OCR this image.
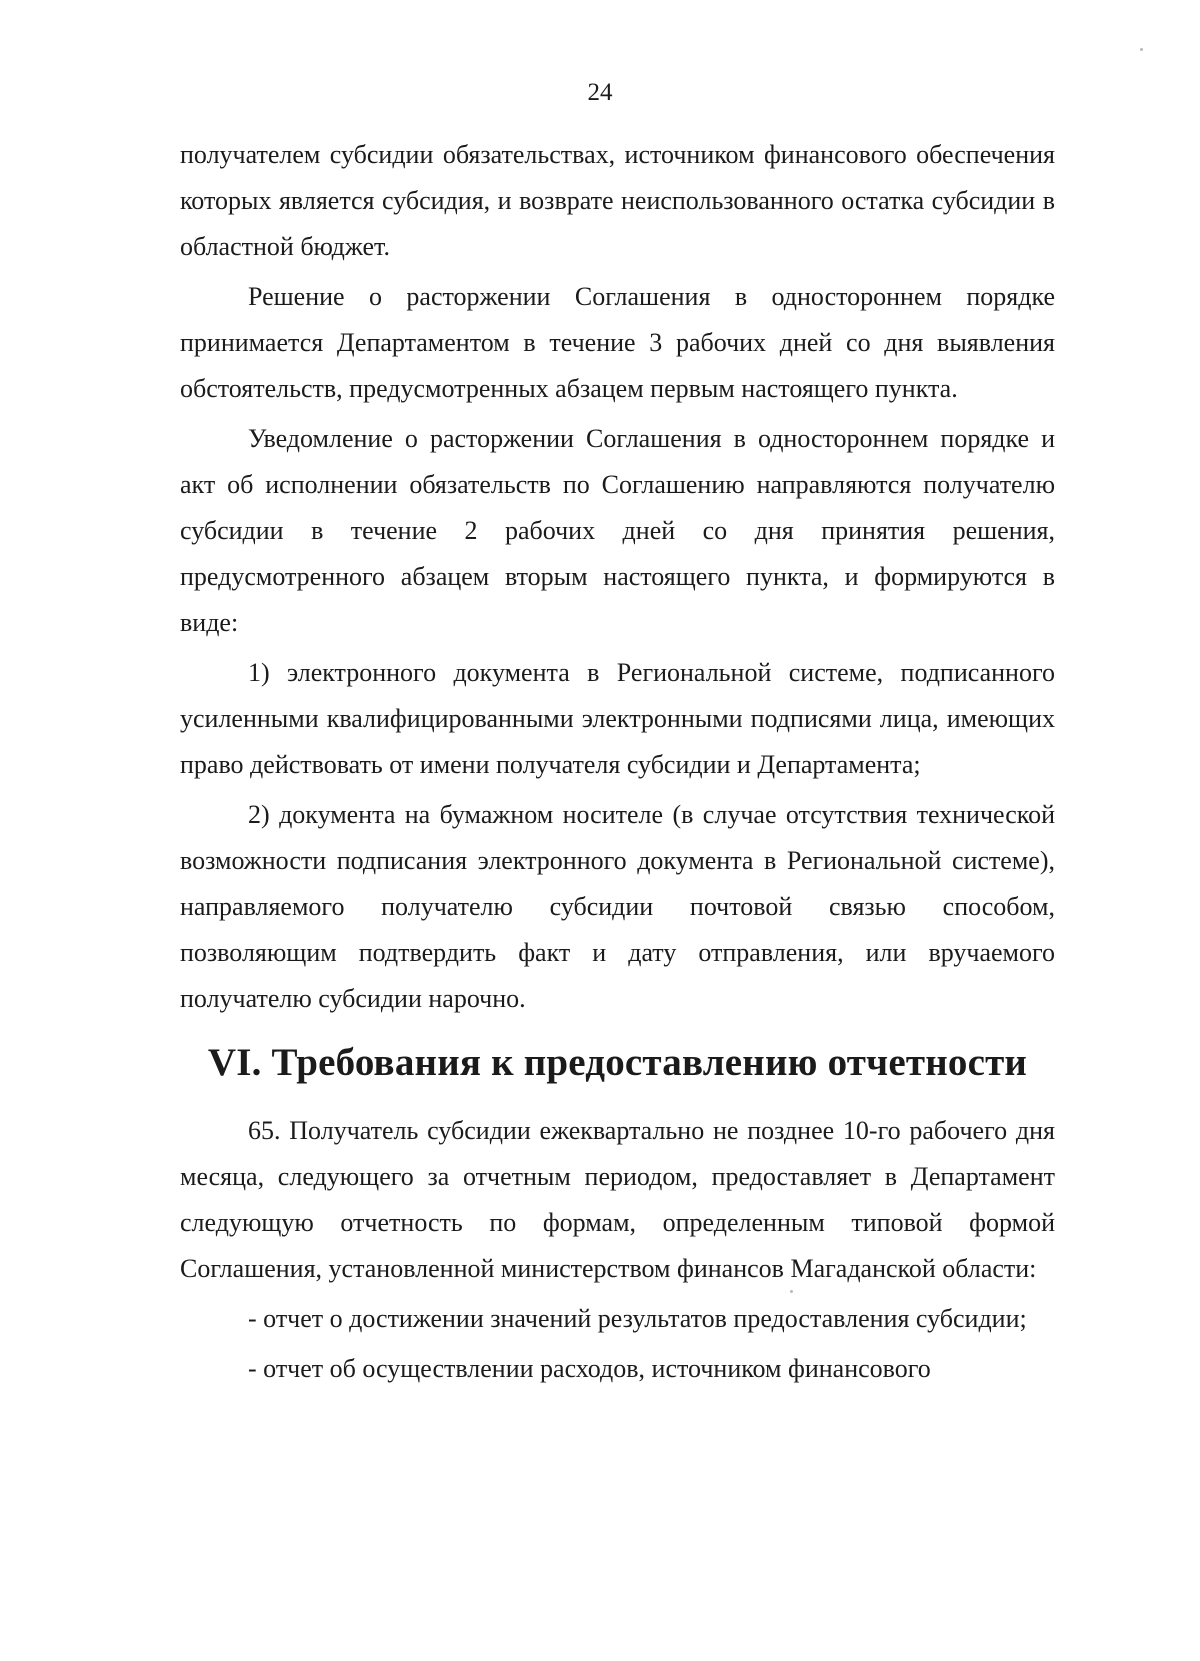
24

получателем субсидии обязательствах, источником финансового обеспечения которых является субсидия, и возврате неиспользованного остатка субсидии в областной бюджет.

Решение о расторжении Соглашения в одностороннем порядке принимается Департаментом в течение 3 рабочих дней со дня выявления обстоятельств, предусмотренных абзацем первым настоящего пункта.

Уведомление о расторжении Соглашения в одностороннем порядке и акт об исполнении обязательств по Соглашению направляются получателю субсидии в течение 2 рабочих дней со дня принятия решения, предусмотренного абзацем вторым настоящего пункта, и формируются в виде:

1) электронного документа в Региональной системе, подписанного усиленными квалифицированными электронными подписями лица, имеющих право действовать от имени получателя субсидии и Департамента;

2) документа на бумажном носителе (в случае отсутствия технической возможности подписания электронного документа в Региональной системе), направляемого получателю субсидии почтовой связью способом, позволяющим подтвердить факт и дату отправления, или вручаемого получателю субсидии нарочно.

VI. Требования к предоставлению отчетности

65. Получатель субсидии ежеквартально не позднее 10-го рабочего дня месяца, следующего за отчетным периодом, предоставляет в Департамент следующую отчетность по формам, определенным типовой формой Соглашения, установленной министерством финансов Магаданской области:

- отчет о достижении значений результатов предоставления субсидии;

- отчет об осуществлении расходов, источником финансового
